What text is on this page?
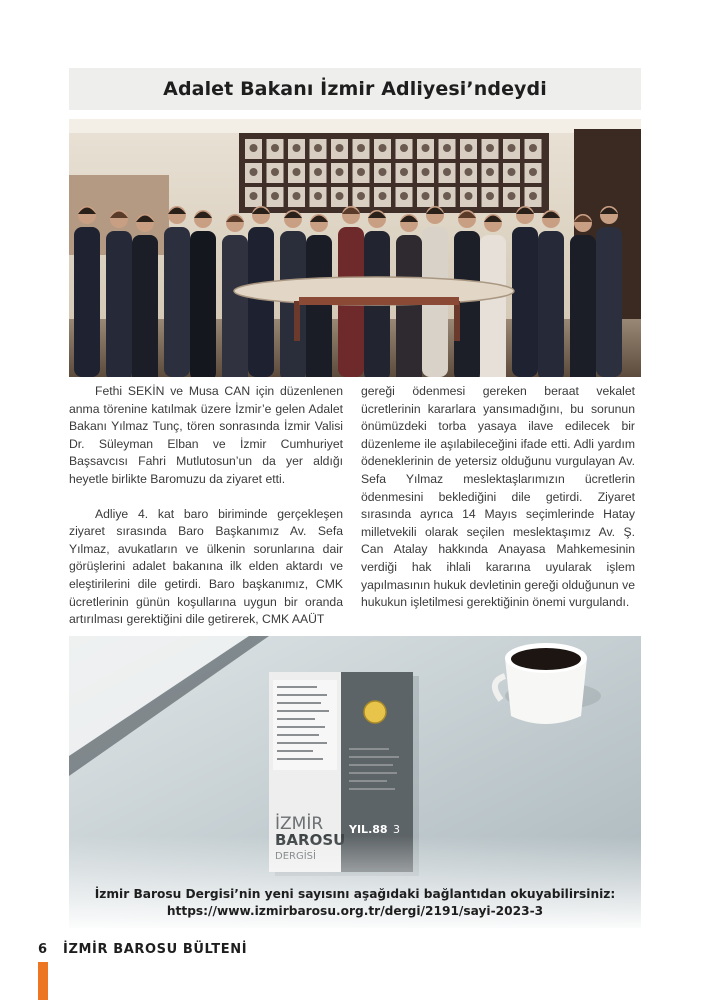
Adalet Bakanı İzmir Adliyesi’ndeydi

Fethi SEKİN ve Musa CAN için düzenlenen anma törenine katılmak üzere İzmir’e gelen Adalet Bakanı Yılmaz Tunç, tören sonrasında İzmir Valisi Dr. Süleyman Elban ve İzmir Cumhuriyet Başsavcısı Fahri Mutlutosun’un da yer aldığı heyetle birlikte Baromuzu da ziyaret etti.

Adliye 4. kat baro biriminde gerçekleşen ziyaret sırasında Baro Başkanımız Av. Sefa Yılmaz, avukatların ve ülkenin sorunlarına dair görüşlerini adalet bakanına ilk elden aktardı ve eleştirilerini dile getirdi. Baro başkanımız, CMK ücretlerinin günün koşullarına uygun bir oranda artırılması gerektiğini dile getirerek, CMK AAÜT

gereği ödenmesi gereken beraat vekalet ücretlerinin kararlara yansımadığını, bu sorunun önümüzdeki torba yasaya ilave edilecek bir düzenleme ile aşılabileceğini ifade etti. Adli yardım ödeneklerinin de yetersiz olduğunu vurgulayan Av. Sefa Yılmaz meslektaşlarımızın ücretlerin ödenmesini beklediğini dile getirdi. Ziyaret sırasında ayrıca 14 Mayıs seçimlerinde Hatay milletvekili olarak seçilen meslektaşımız Av. Ş. Can Atalay hakkında Anayasa Mahkemesinin verdiği hak ihlali kararına uyularak işlem yapılmasının hukuk devletinin gereği olduğunun ve hukukun işletilmesi gerektiğinin önemi vurgulandı.

İZMİR YIL.88 3
İzmir Barosu Dergisi’nin yeni sayısını aşağıdaki bağlantıdan okuyabilirsiniz:
https://www.izmirbarosu.org.tr/dergi/2191/sayi-2023-3
6 İZMİR BAROSU BÜLTENİ
